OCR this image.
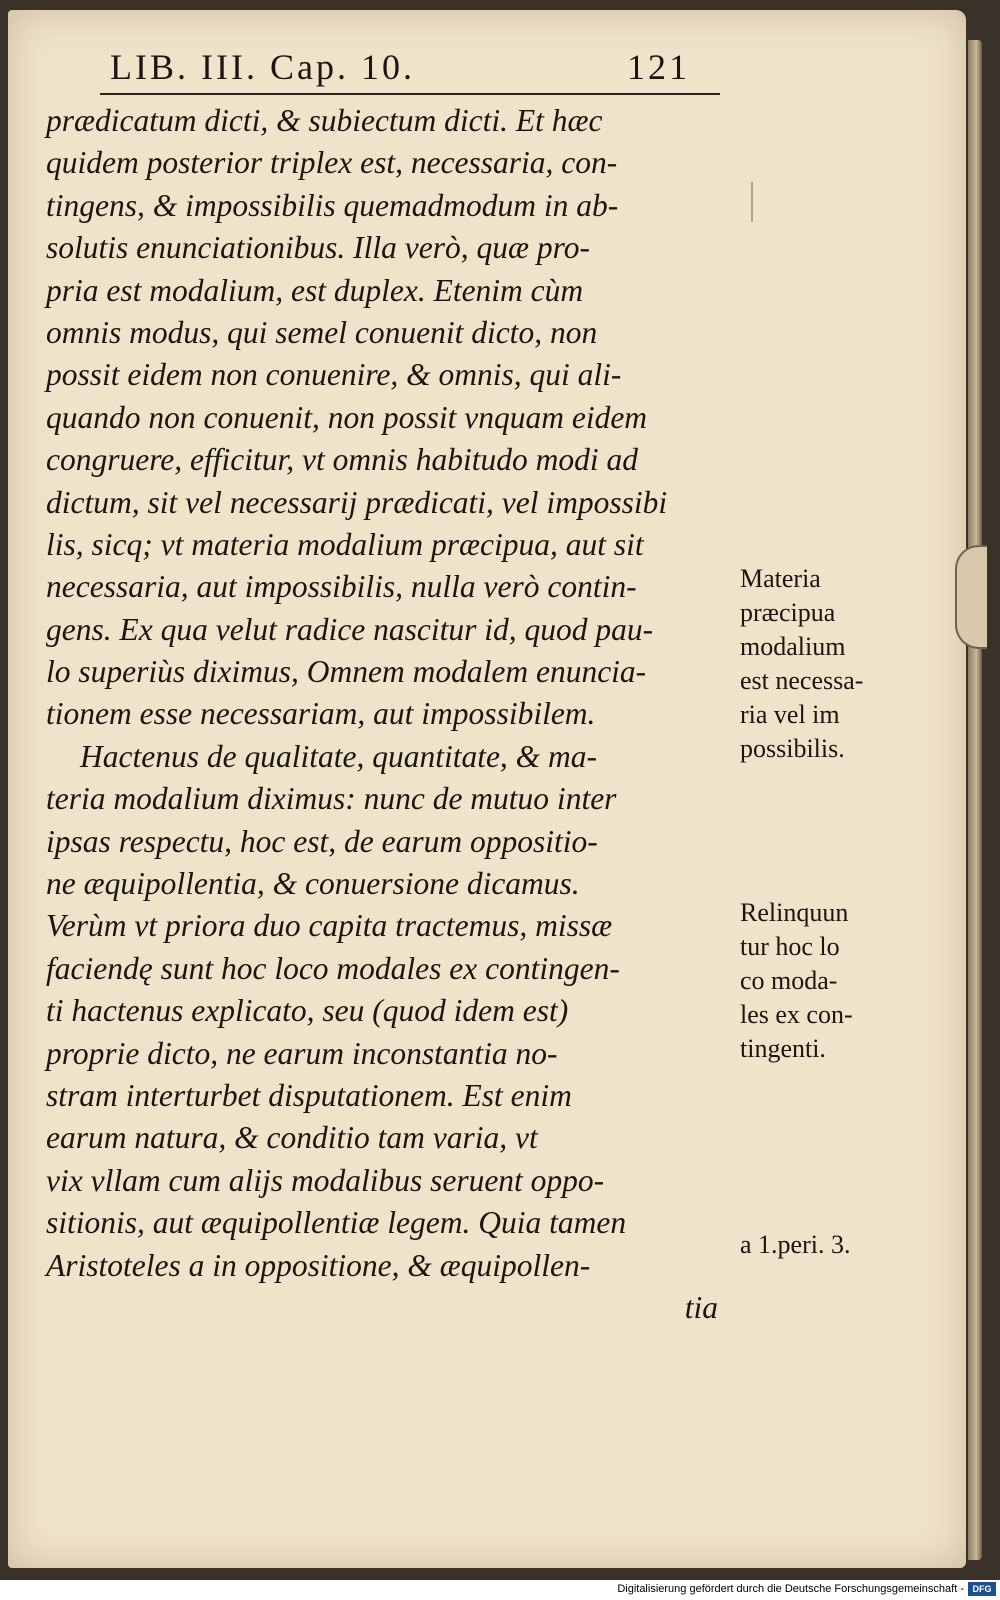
LIB. III. Cap. 10.	121
prædicatum dicti, & subiectum dicti. Et hæc
quidem posterior triplex est, necessaria, con-
tingens, & impossibilis quemadmodum in ab-
solutis enunciationibus. Illa verò, quæ pro-
pria est modalium, est duplex. Etenim cùm
omnis modus, qui semel conuenit dicto, non
possit eidem non conuenire, & omnis, qui ali-
quando non conuenit, non possit vnquam eidem
congruere, efficitur, vt omnis habitudo modi ad
dictum, sit vel necessarij prædicati, vel impossibi
lis, sicq; vt materia modalium præcipua, aut sit
necessaria, aut impossibilis, nulla verò contin-
gens. Ex qua velut radice nascitur id, quod pau-
lo superiùs diximus, Omnem modalem enuncia-
tionem esse necessariam, aut impossibilem.
Hactenus de qualitate, quantitate, & ma-
teria modalium diximus: nunc de mutuo inter
ipsas respectu, hoc est, de earum oppositio-
ne æquipollentia, & conuersione dicamus.
Verùm vt priora duo capita tractemus, missæ
faciendę sunt hoc loco modales ex contingen-
ti hactenus explicato, seu (quod idem est)
proprie dicto, ne earum inconstantia no-
stram interturbet disputationem. Est enim
earum natura, & conditio tam varia, vt
vix vllam cum alijs modalibus seruent oppo-
sitionis, aut æquipollentiæ legem. Quia tamen
Aristoteles a in oppositione, & æquipollen-
tia
Materia
præcipua
modalium
est necessa-
ria vel im
possibilis.
Relinquun
tur hoc lo
co moda-
les ex con-
tingenti.
a 1.peri. 3.
Digitalisierung gefördert durch die Deutsche Forschungsgemeinschaft - DFG
